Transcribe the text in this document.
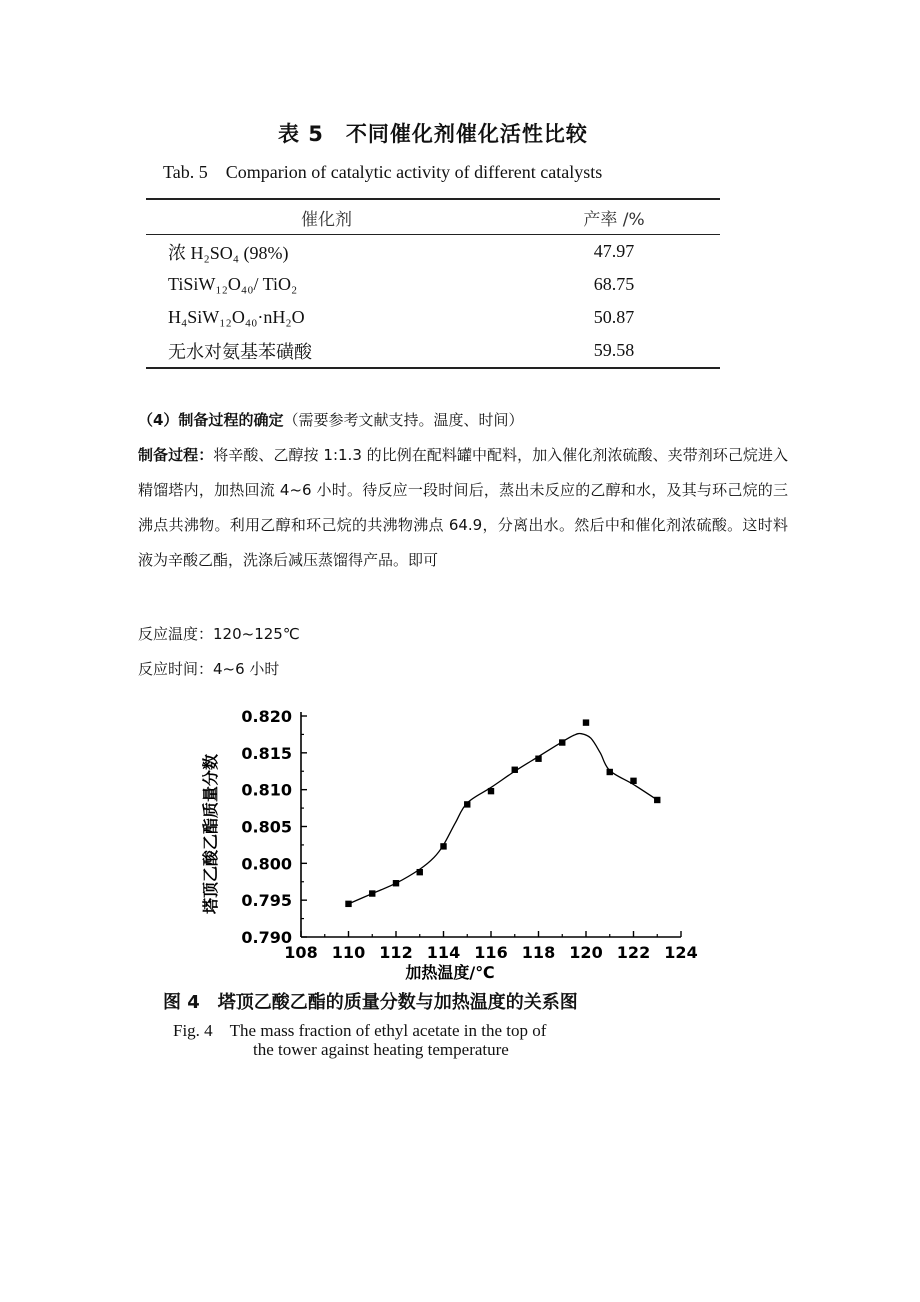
表 5　不同催化剂催化活性比较
Tab. 5　Comparion of catalytic activity of different catalysts
催化剂	产率 /%
浓 H₂SO₄ (98%)	47.97
TiSiW₁₂O₄₀/ TiO₂	68.75
H₄SiW₁₂O₄₀·nH₂O	50.87
无水对氨基苯磺酸	59.58
（4）制备过程的确定（需要参考文献支持。温度、时间）
制备过程：将辛酸、乙醇按 1:1.3 的比例在配料罐中配料，加入催化剂浓硫酸、夹带剂环己烷进入精馏塔内，加热回流 4~6 小时。待反应一段时间后，蒸出未反应的乙醇和水，及其与环己烷的三沸点共沸物。利用乙醇和环己烷的共沸物沸点 64.9，分离出水。然后中和催化剂浓硫酸。这时料液为辛酸乙酯，洗涤后减压蒸馏得产品。即可
反应温度：120~125℃
反应时间：4~6 小时
108 110 112 114 116 118 120 122 124
0.790
0.795
0.800
0.805
0.810
0.815
0.820
加热温度/℃
塔顶乙酸乙酯质量分数
图 4　塔顶乙酸乙酯的质量分数与加热温度的关系图
Fig. 4　The mass fraction of ethyl acetate in the top of
the tower against heating temperature
